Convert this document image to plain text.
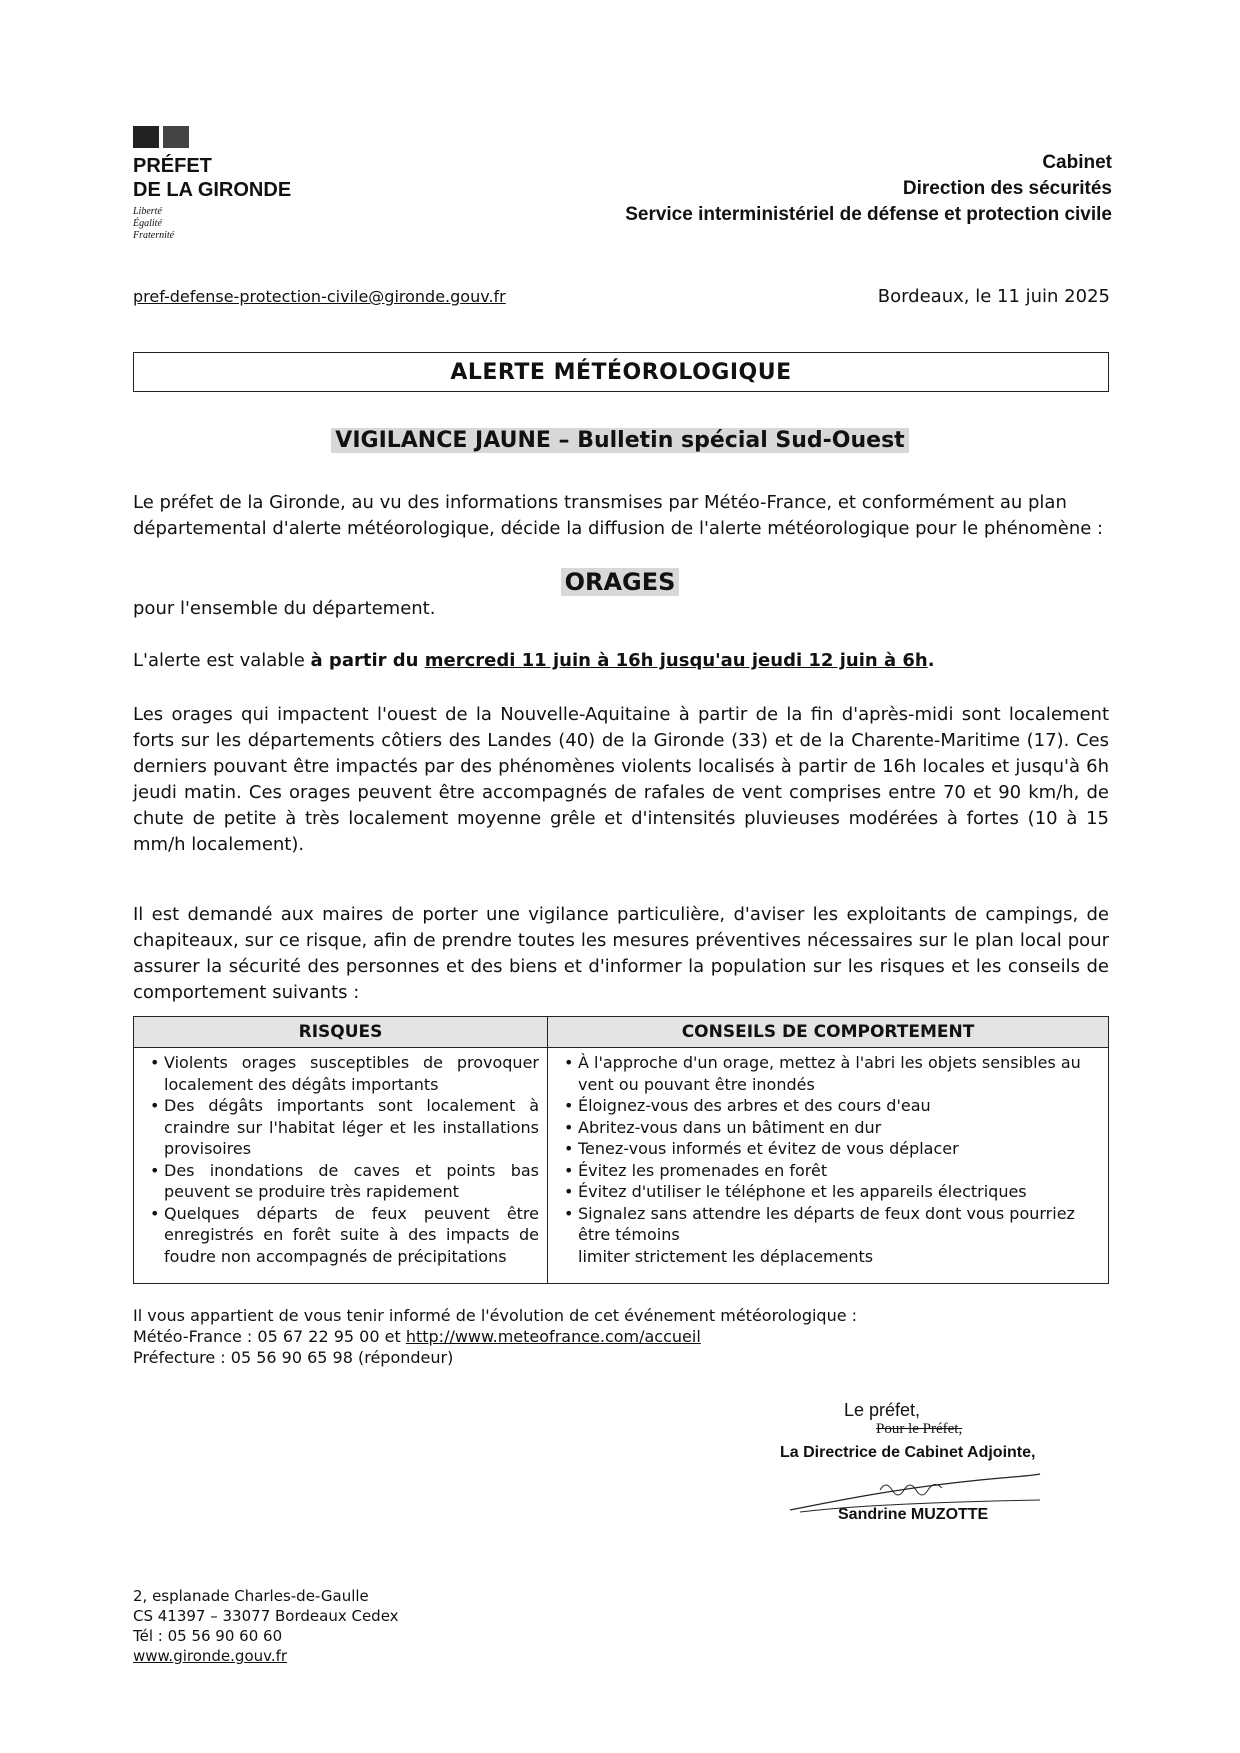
PRÉFET
DE LA GIRONDE
Liberté
Égalité
Fraternité
Cabinet
Direction des sécurités
Service interministériel de défense et protection civile
pref-defense-protection-civile@gironde.gouv.fr	Bordeaux, le 11 juin 2025
ALERTE MÉTÉOROLOGIQUE
VIGILANCE JAUNE – Bulletin spécial Sud-Ouest
Le préfet de la Gironde, au vu des informations transmises par Météo-France, et conformément au plan départemental d'alerte météorologique, décide la diffusion de l'alerte météorologique pour le phénomène :
ORAGES
pour l'ensemble du département.
L'alerte est valable à partir du mercredi 11 juin à 16h jusqu'au jeudi 12 juin à 6h.
Les orages qui impactent l'ouest de la Nouvelle-Aquitaine à partir de la fin d'après-midi sont localement forts sur les départements côtiers des Landes (40) de la Gironde (33) et de la Charente-Maritime (17). Ces derniers pouvant être impactés par des phénomènes violents localisés à partir de 16h locales et jusqu'à 6h jeudi matin. Ces orages peuvent être accompagnés de rafales de vent comprises entre 70 et 90 km/h, de chute de petite à très localement moyenne grêle et d'intensités pluvieuses modérées à fortes (10 à 15 mm/h localement).
Il est demandé aux maires de porter une vigilance particulière, d'aviser les exploitants de campings, de chapiteaux, sur ce risque, afin de prendre toutes les mesures préventives nécessaires sur le plan local pour assurer la sécurité des personnes et des biens et d'informer la population sur les risques et les conseils de comportement suivants :
RISQUES	CONSEILS DE COMPORTEMENT
• Violents orages susceptibles de provoquer localement des dégâts importants
• Des dégâts importants sont localement à craindre sur l'habitat léger et les installations provisoires
• Des inondations de caves et points bas peuvent se produire très rapidement
• Quelques départs de feux peuvent être enregistrés en forêt suite à des impacts de foudre non accompagnés de précipitations
• À l'approche d'un orage, mettez à l'abri les objets sensibles au vent ou pouvant être inondés
• Éloignez-vous des arbres et des cours d'eau
• Abritez-vous dans un bâtiment en dur
• Tenez-vous informés et évitez de vous déplacer
• Évitez les promenades en forêt
• Évitez d'utiliser le téléphone et les appareils électriques
• Signalez sans attendre les départs de feux dont vous pourriez être témoins
limiter strictement les déplacements
Il vous appartient de vous tenir informé de l'évolution de cet événement météorologique :
Météo-France : 05 67 22 95 00 et http://www.meteofrance.com/accueil
Préfecture : 05 56 90 65 98 (répondeur)
Le préfet,
Pour le Préfet,
La Directrice de Cabinet Adjointe,
Sandrine MUZOTTE
2, esplanade Charles-de-Gaulle
CS 41397 – 33077 Bordeaux Cedex
Tél : 05 56 90 60 60
www.gironde.gouv.fr
